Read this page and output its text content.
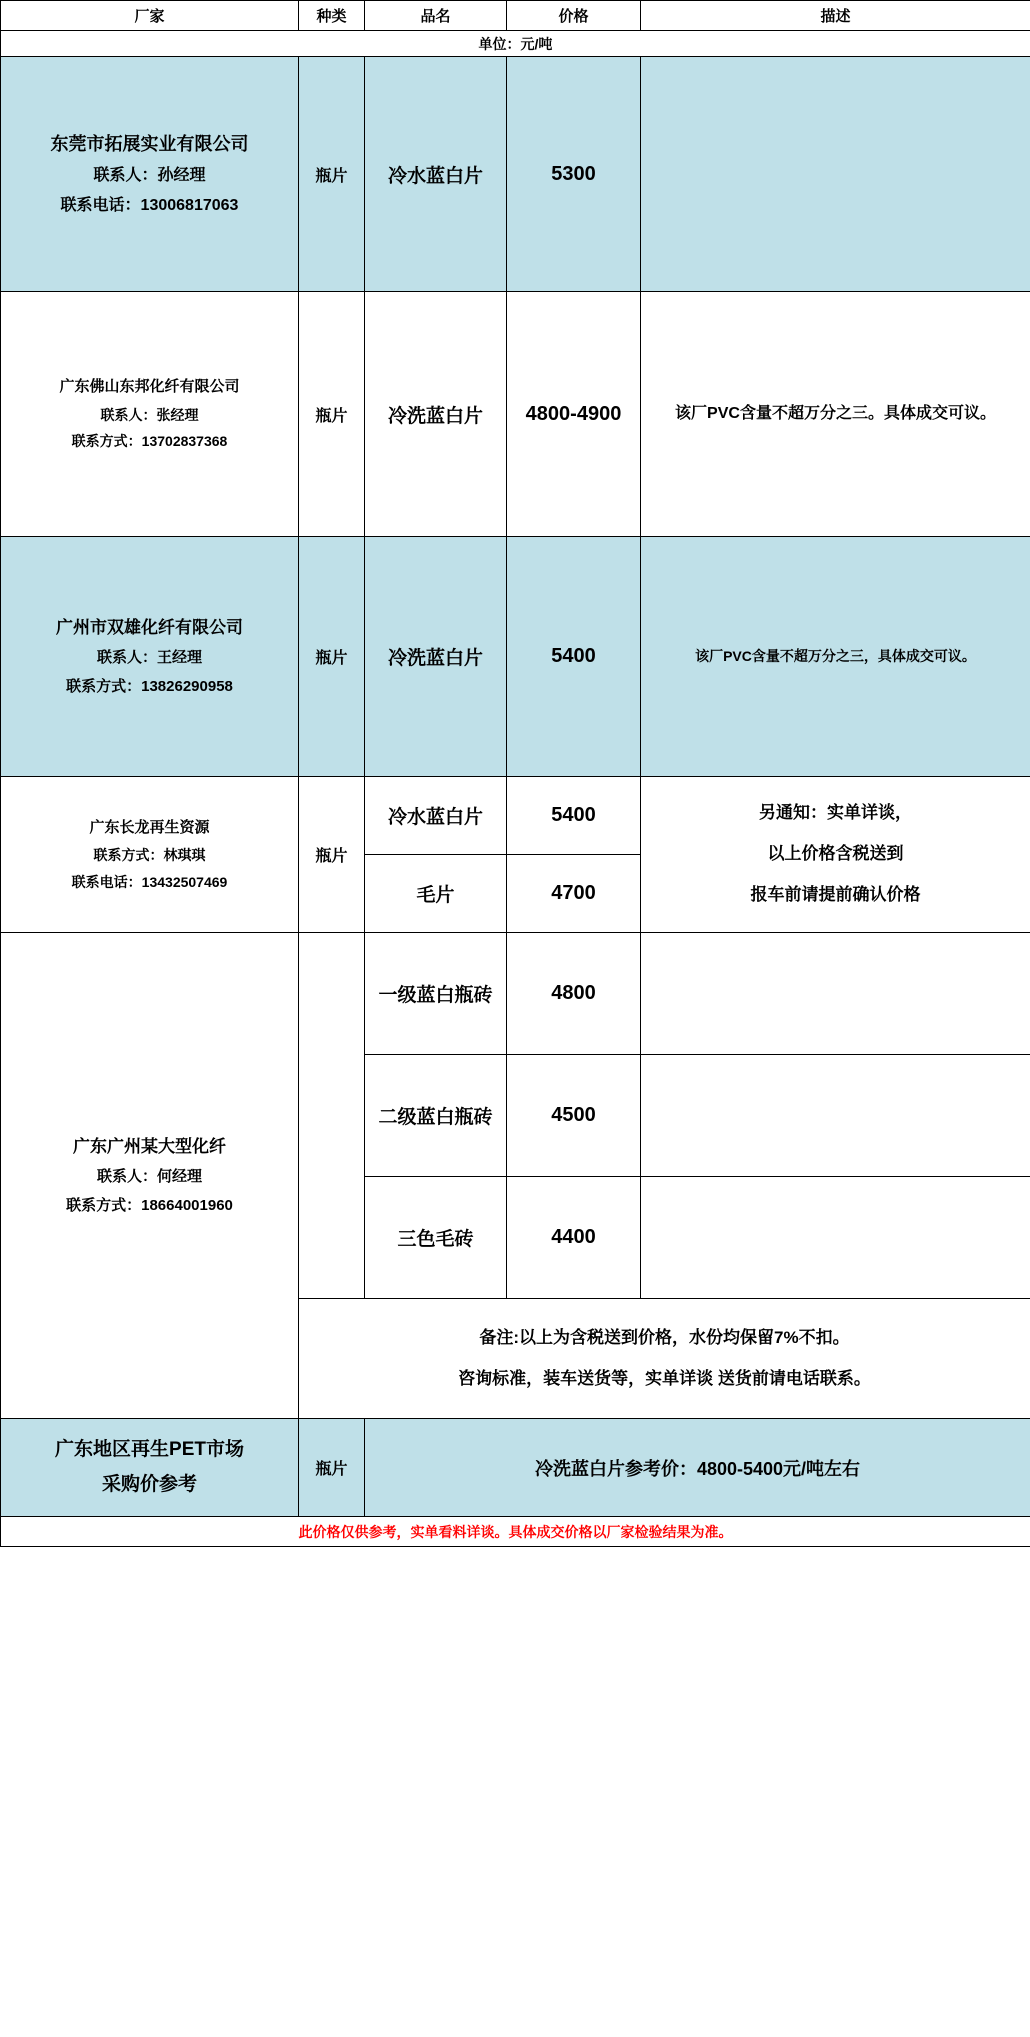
厂家	种类	品名	价格	描述
单位：元/吨				

东莞市拓展实业有限公司
联系人：孙经理
联系电话：13006817063	瓶片	冷水蓝白片	5300	

广东佛山东邦化纤有限公司
联系人：张经理
联系方式：13702837368	瓶片	冷洗蓝白片	4800-4900	该厂PVC含量不超万分之三。具体成交可议。

广州市双雄化纤有限公司
联系人：王经理
联系方式：13826290958	瓶片	冷洗蓝白片	5400	该厂PVC含量不超万分之三，具体成交可议。

广东长龙再生资源
联系方式：林琪琪
联系电话：13432507469
	瓶片	冷水蓝白片	5400	另通知：实单详谈，
以上价格含税送到
报车前请提前确认价格

		毛片	4700	

广东广州某大型化纤
联系人：何经理
联系方式：18664001960		一级蓝白瓶砖	4800	
		二级蓝白瓶砖	4500	
		三色毛砖	4400	

	备注:以上为含税送到价格，水份均保留7%不扣。
咨询标准，装车送货等，实单详谈 送货前请电话联系。			

广东地区再生PET市场
采购价参考	瓶片	冷洗蓝白片参考价：4800-5400元/吨左右		
此价格仅供参考，实单看料详谈。具体成交价格以厂家检验结果为准。				
